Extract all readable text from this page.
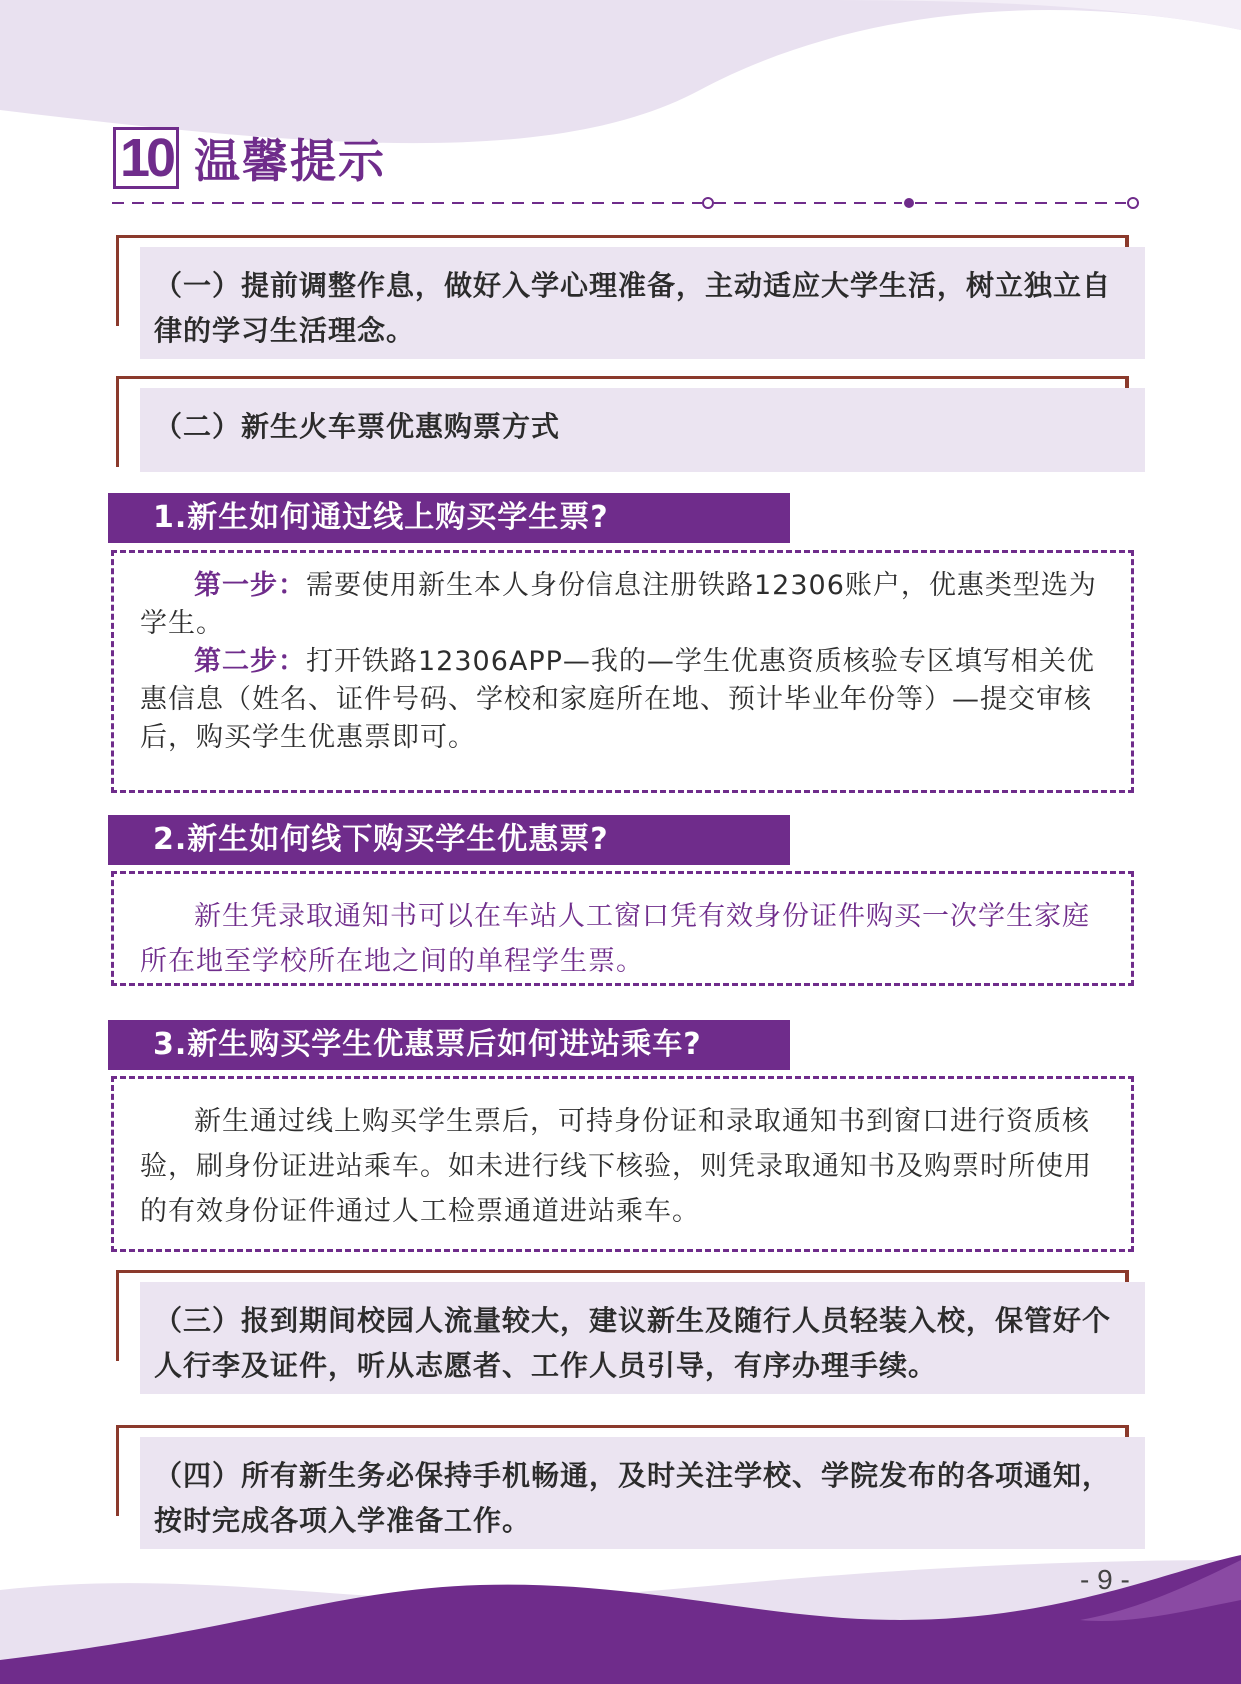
10 温馨提示

（一）提前调整作息，做好入学心理准备，主动适应大学生活，树立独立自律的学习生活理念。

（二）新生火车票优惠购票方式

1.新生如何通过线上购买学生票?

第一步：需要使用新生本人身份信息注册铁路12306账户，优惠类型选为学生。

第二步：打开铁路12306APP—我的—学生优惠资质核验专区填写相关优惠信息（姓名、证件号码、学校和家庭所在地、预计毕业年份等）—提交审核后，购买学生优惠票即可。

2.新生如何线下购买学生优惠票?

新生凭录取通知书可以在车站人工窗口凭有效身份证件购买一次学生家庭所在地至学校所在地之间的单程学生票。

3.新生购买学生优惠票后如何进站乘车?

新生通过线上购买学生票后，可持身份证和录取通知书到窗口进行资质核验，刷身份证进站乘车。如未进行线下核验，则凭录取通知书及购票时所使用的有效身份证件通过人工检票通道进站乘车。

（三）报到期间校园人流量较大，建议新生及随行人员轻装入校，保管好个人行李及证件，听从志愿者、工作人员引导，有序办理手续。

（四）所有新生务必保持手机畅通，及时关注学校、学院发布的各项通知，按时完成各项入学准备工作。

- 9 -
